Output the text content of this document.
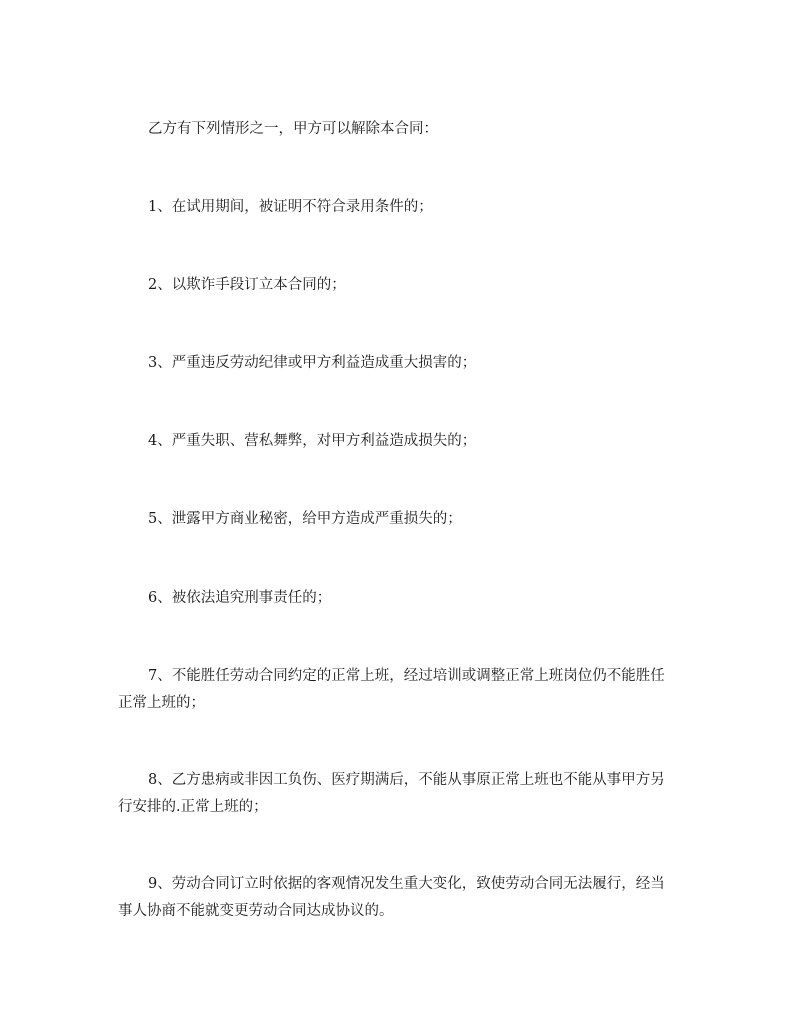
乙方有下列情形之一，甲方可以解除本合同：

1、在试用期间，被证明不符合录用条件的；

2、以欺诈手段订立本合同的；

3、严重违反劳动纪律或甲方利益造成重大损害的；

4、严重失职、营私舞弊，对甲方利益造成损失的；

5、泄露甲方商业秘密，给甲方造成严重损失的；

6、被依法追究刑事责任的；

7、不能胜任劳动合同约定的正常上班，经过培训或调整正常上班岗位仍不能胜任正常上班的；

8、乙方患病或非因工负伤、医疗期满后，不能从事原正常上班也不能从事甲方另行安排的.正常上班的；

9、劳动合同订立时依据的客观情况发生重大变化，致使劳动合同无法履行，经当事人协商不能就变更劳动合同达成协议的。
